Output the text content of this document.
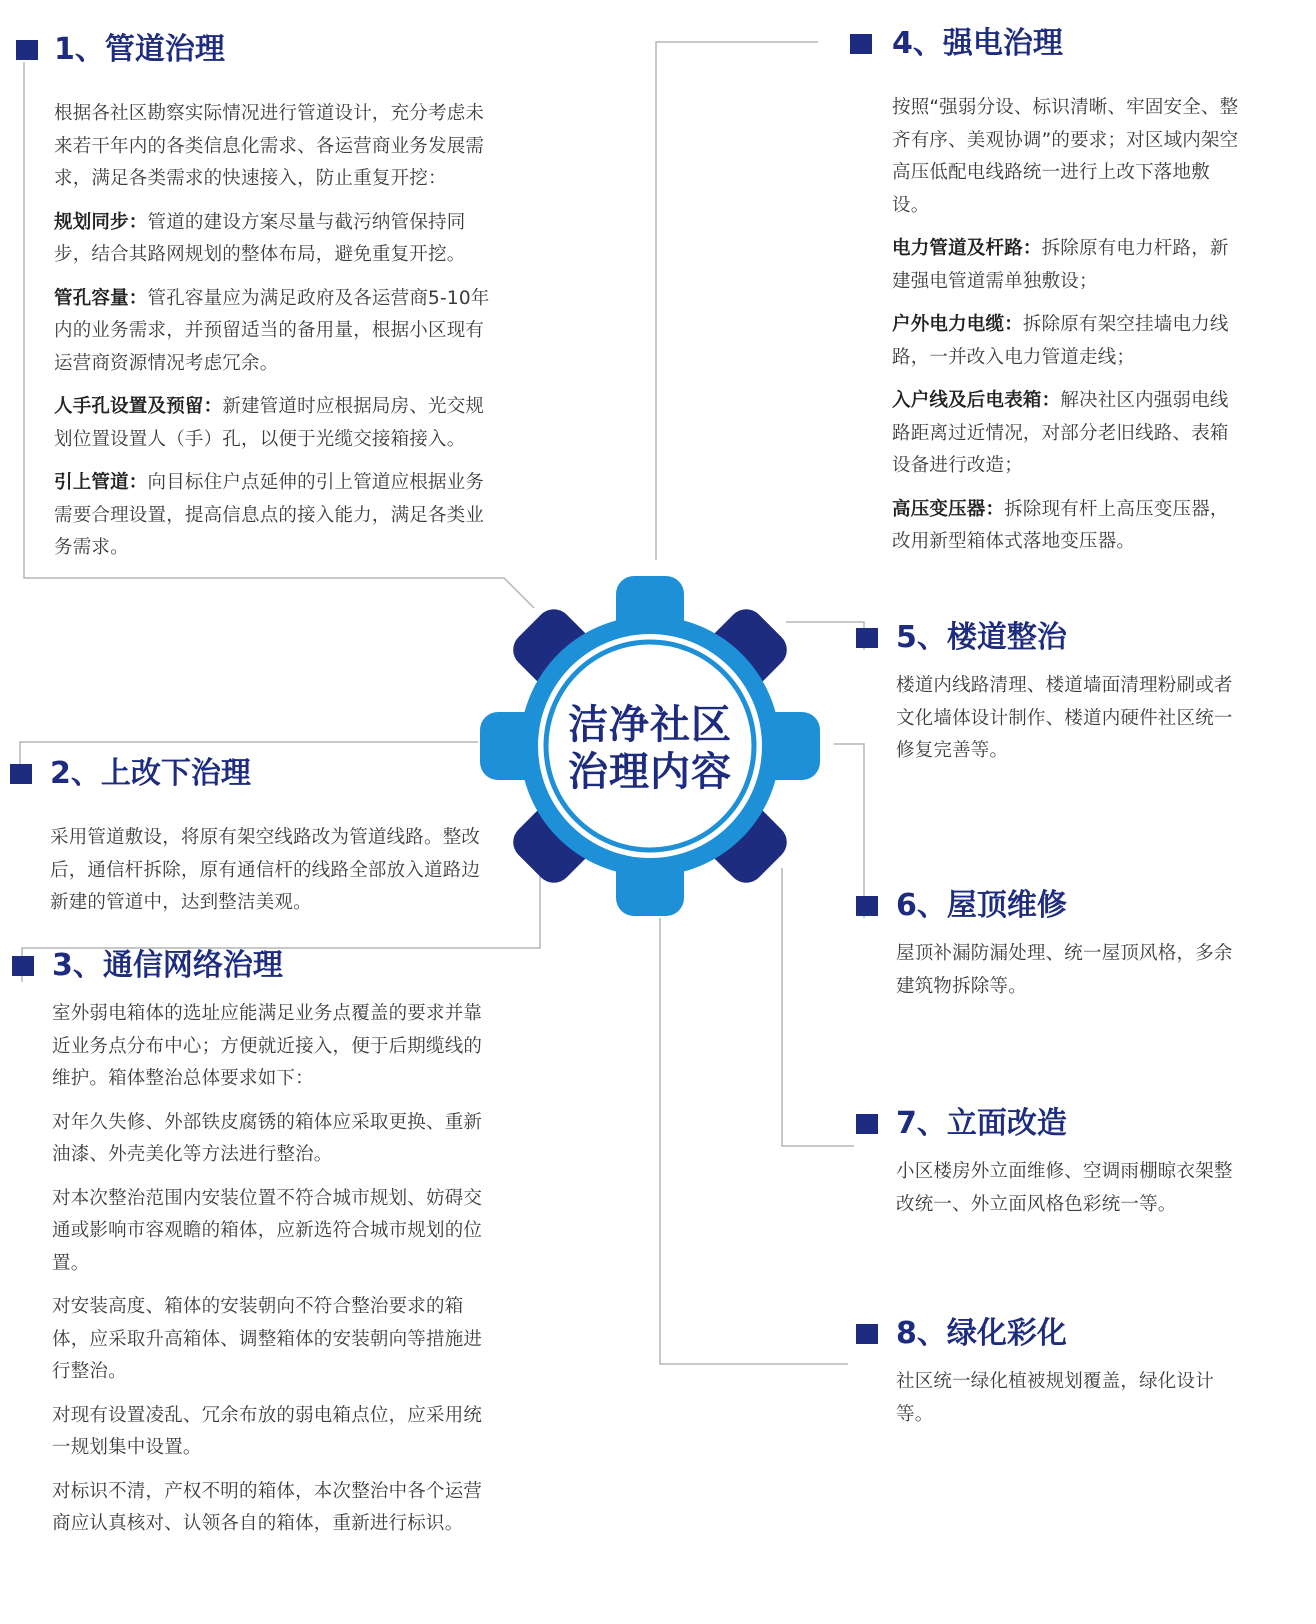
洁净社区
治理内容
1、管道治理

根据各社区勘察实际情况进行管道设计，充分考虑未来若干年内的各类信息化需求、各运营商业务发展需求，满足各类需求的快速接入，防止重复开挖：

规划同步：管道的建设方案尽量与截污纳管保持同步，结合其路网规划的整体布局，避免重复开挖。

管孔容量：管孔容量应为满足政府及各运营商5-10年内的业务需求，并预留适当的备用量，根据小区现有运营商资源情况考虑冗余。

人手孔设置及预留：新建管道时应根据局房、光交规划位置设置人（手）孔，以便于光缆交接箱接入。

引上管道：向目标住户点延伸的引上管道应根据业务需要合理设置，提高信息点的接入能力，满足各类业务需求。

2、上改下治理

采用管道敷设，将原有架空线路改为管道线路。整改后，通信杆拆除，原有通信杆的线路全部放入道路边新建的管道中，达到整洁美观。

3、通信网络治理

室外弱电箱体的选址应能满足业务点覆盖的要求并靠近业务点分布中心；方便就近接入，便于后期缆线的维护。箱体整治总体要求如下：

对年久失修、外部铁皮腐锈的箱体应采取更换、重新油漆、外壳美化等方法进行整治。

对本次整治范围内安装位置不符合城市规划、妨碍交通或影响市容观瞻的箱体，应新选符合城市规划的位置。

对安装高度、箱体的安装朝向不符合整治要求的箱体，应采取升高箱体、调整箱体的安装朝向等措施进行整治。

对现有设置凌乱、冗余布放的弱电箱点位，应采用统一规划集中设置。

对标识不清，产权不明的箱体，本次整治中各个运营商应认真核对、认领各自的箱体，重新进行标识。

4、强电治理

按照“强弱分设、标识清晰、牢固安全、整齐有序、美观协调”的要求；对区域内架空高压低配电线路统一进行上改下落地敷设。

电力管道及杆路：拆除原有电力杆路，新建强电管道需单独敷设；

户外电力电缆：拆除原有架空挂墙电力线路，一并改入电力管道走线；

入户线及后电表箱：解决社区内强弱电线路距离过近情况，对部分老旧线路、表箱设备进行改造；

高压变压器：拆除现有杆上高压变压器，改用新型箱体式落地变压器。

5、楼道整治

楼道内线路清理、楼道墙面清理粉刷或者文化墙体设计制作、楼道内硬件社区统一修复完善等。

6、屋顶维修

屋顶补漏防漏处理、统一屋顶风格，多余建筑物拆除等。

7、立面改造

小区楼房外立面维修、空调雨棚晾衣架整改统一、外立面风格色彩统一等。

8、绿化彩化

社区统一绿化植被规划覆盖，绿化设计等。
